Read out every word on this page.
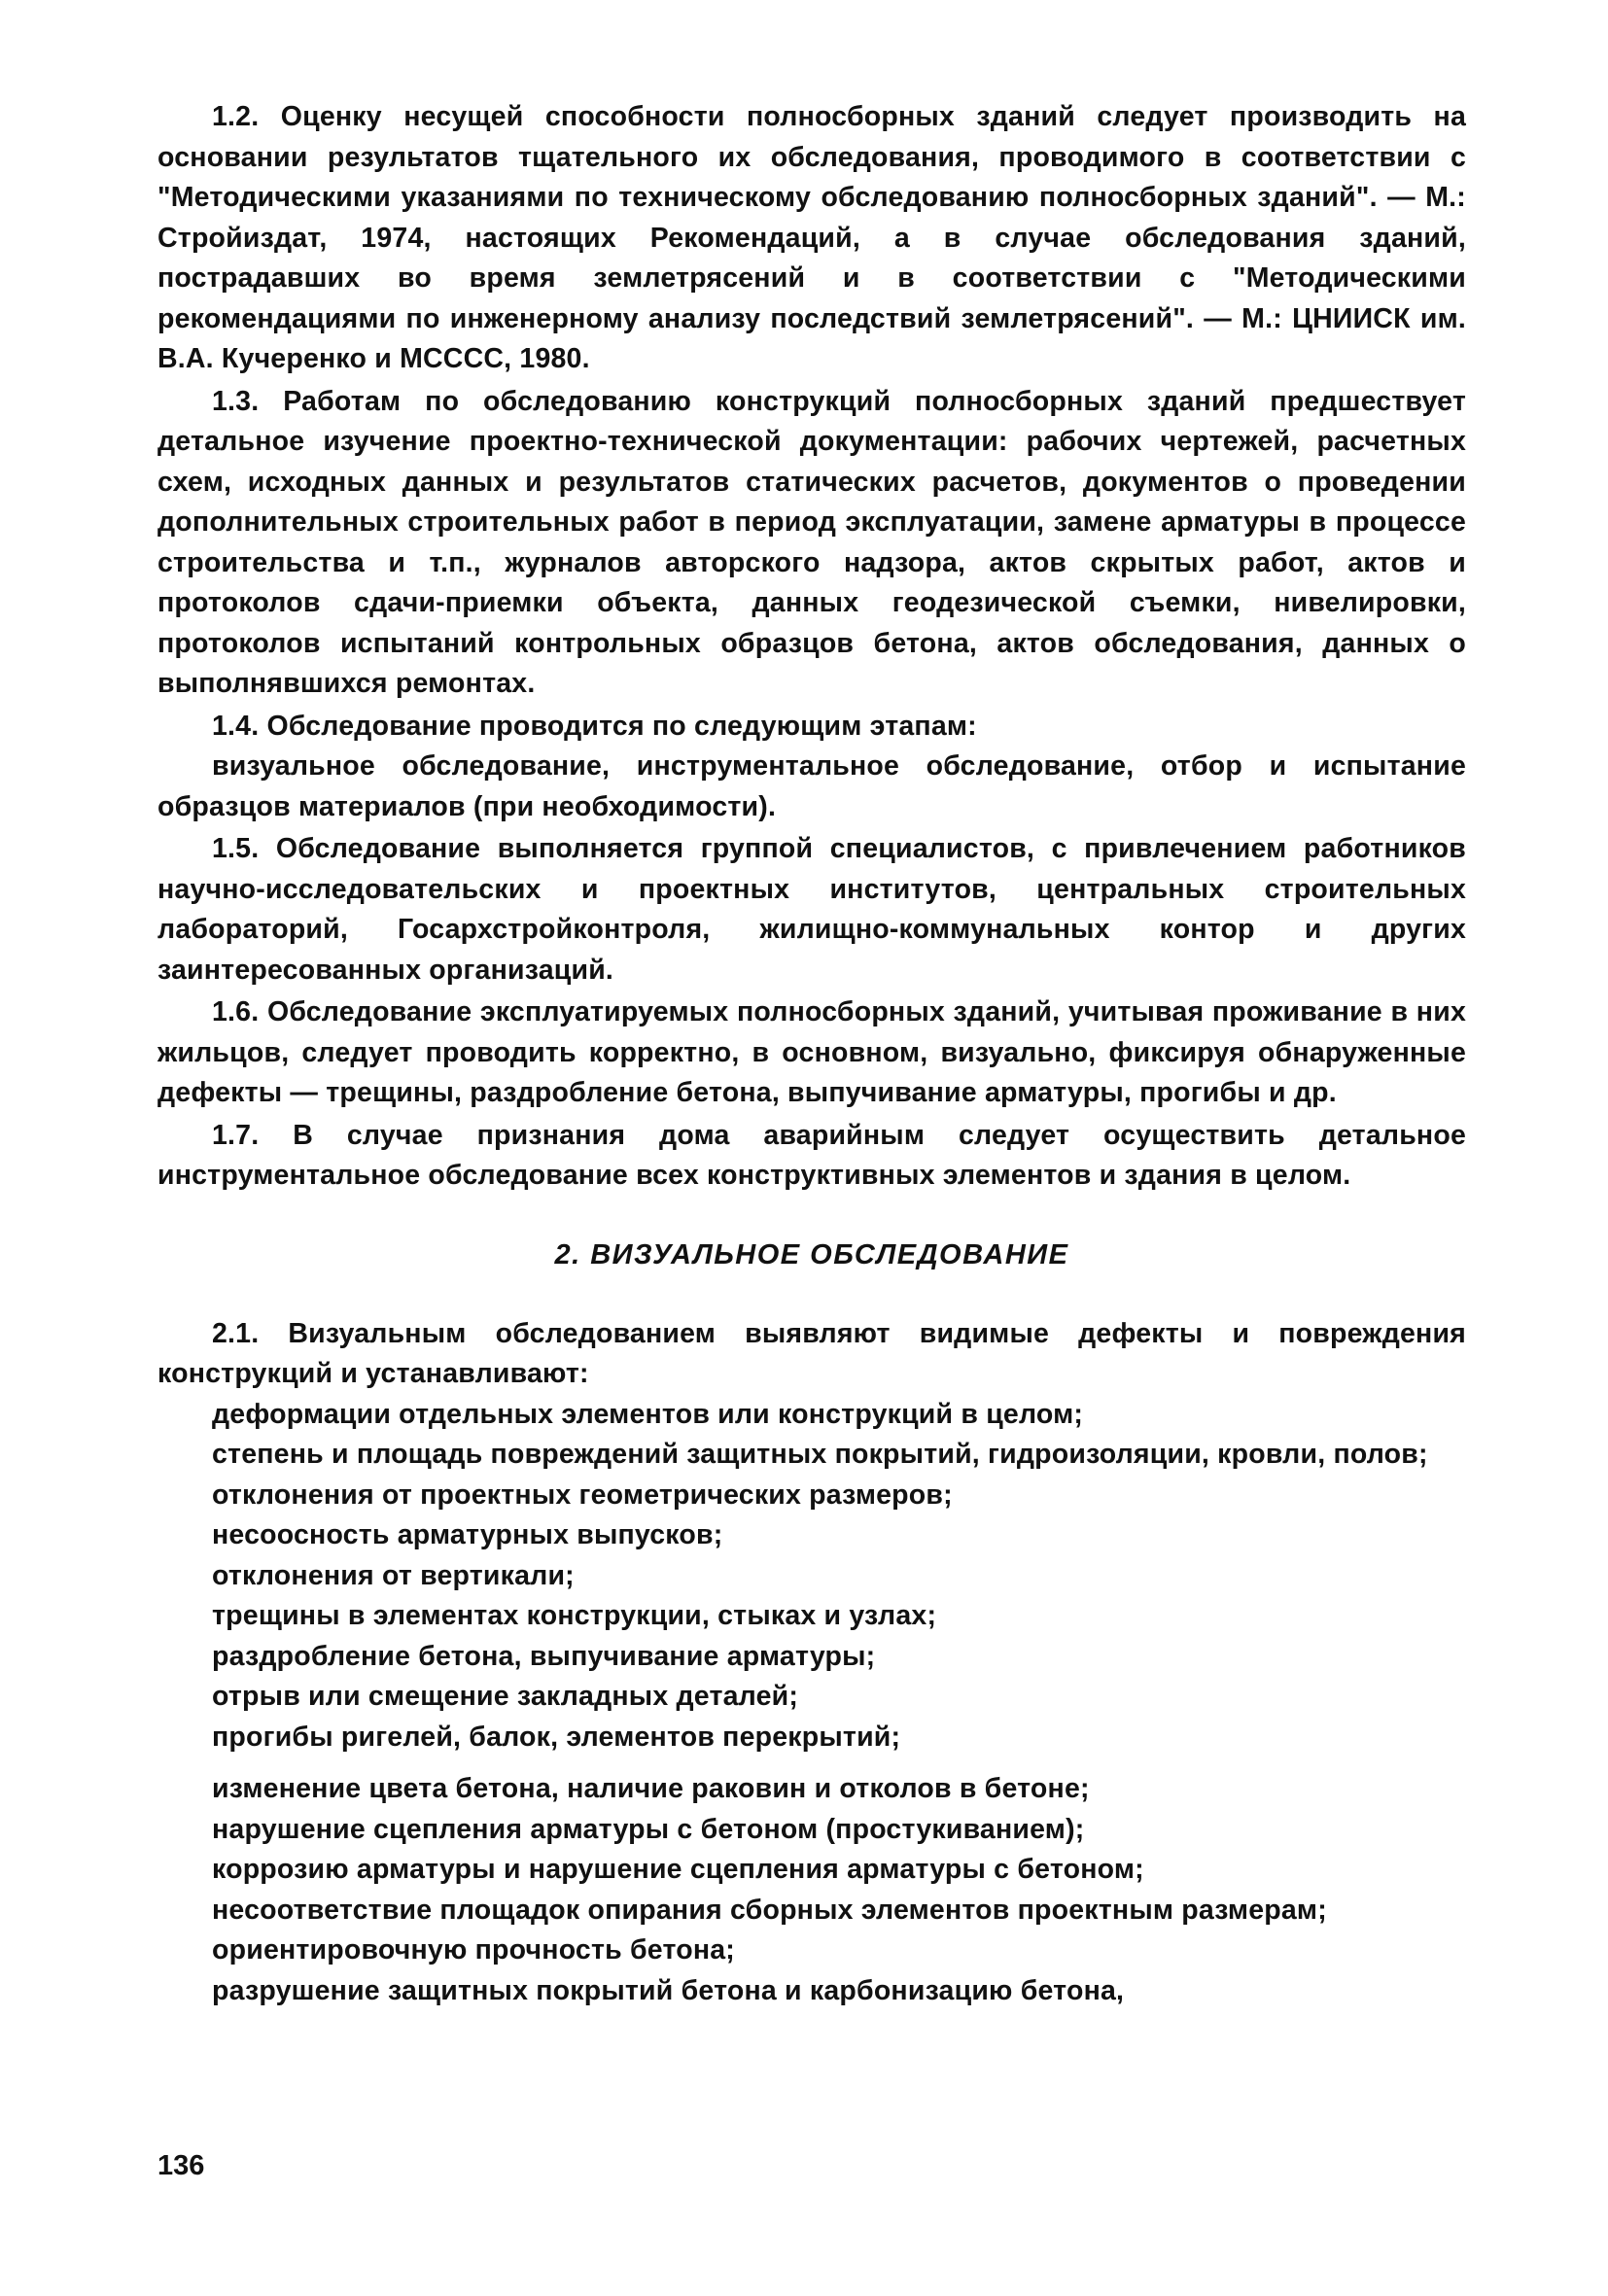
1.2. Оценку несущей способности полносборных зданий следует производить на основании результатов тщательного их обследования, проводимого в соответствии с "Методическими указаниями по техническому обследованию полносборных зданий". — М.: Стройиздат, 1974, настоящих Рекомендаций, а в случае обследования зданий, пострадавших во время землетрясений и в соответствии с "Методическими рекомендациями по инженерному анализу последствий землетрясений". — М.: ЦНИИСК им. В.А. Кучеренко и МСССС, 1980.

1.3. Работам по обследованию конструкций полносборных зданий предшествует детальное изучение проектно-технической документации: рабочих чертежей, расчетных схем, исходных данных и результатов статических расчетов, документов о проведении дополнительных строительных работ в период эксплуатации, замене арматуры в процессе строительства и т.п., журналов авторского надзора, актов скрытых работ, актов и протоколов сдачи-приемки объекта, данных геодезической съемки, нивелировки, протоколов испытаний контрольных образцов бетона, актов обследования, данных о выполнявшихся ремонтах.

1.4. Обследование проводится по следующим этапам:

визуальное обследование, инструментальное обследование, отбор и испытание образцов материалов (при необходимости).

1.5. Обследование выполняется группой специалистов, с привлечением работников научно-исследовательских и проектных институтов, центральных строительных лабораторий, Госархстройконтроля, жилищно-коммунальных контор и других заинтересованных организаций.

1.6. Обследование эксплуатируемых полносборных зданий, учитывая проживание в них жильцов, следует проводить корректно, в основном, визуально, фиксируя обнаруженные дефекты — трещины, раздробление бетона, выпучивание арматуры, прогибы и др.

1.7. В случае признания дома аварийным следует осуществить детальное инструментальное обследование всех конструктивных элементов и здания в целом.

2. ВИЗУАЛЬНОЕ ОБСЛЕДОВАНИЕ

2.1. Визуальным обследованием выявляют видимые дефекты и повреждения конструкций и устанавливают:

деформации отдельных элементов или конструкций в целом;

степень и площадь повреждений защитных покрытий, гидроизоляции, кровли, полов;

отклонения от проектных геометрических размеров;

несоосность арматурных выпусков;

отклонения от вертикали;

трещины в элементах конструкции, стыках и узлах;

раздробление бетона, выпучивание арматуры;

отрыв или смещение закладных деталей;

прогибы ригелей, балок, элементов перекрытий;

изменение цвета бетона, наличие раковин и отколов в бетоне;

нарушение сцепления арматуры с бетоном (простукиванием);

коррозию арматуры и нарушение сцепления арматуры с бетоном;

несоответствие площадок опирания сборных элементов проектным размерам;

ориентировочную прочность бетона;

разрушение защитных покрытий бетона и карбонизацию бетона,

136
